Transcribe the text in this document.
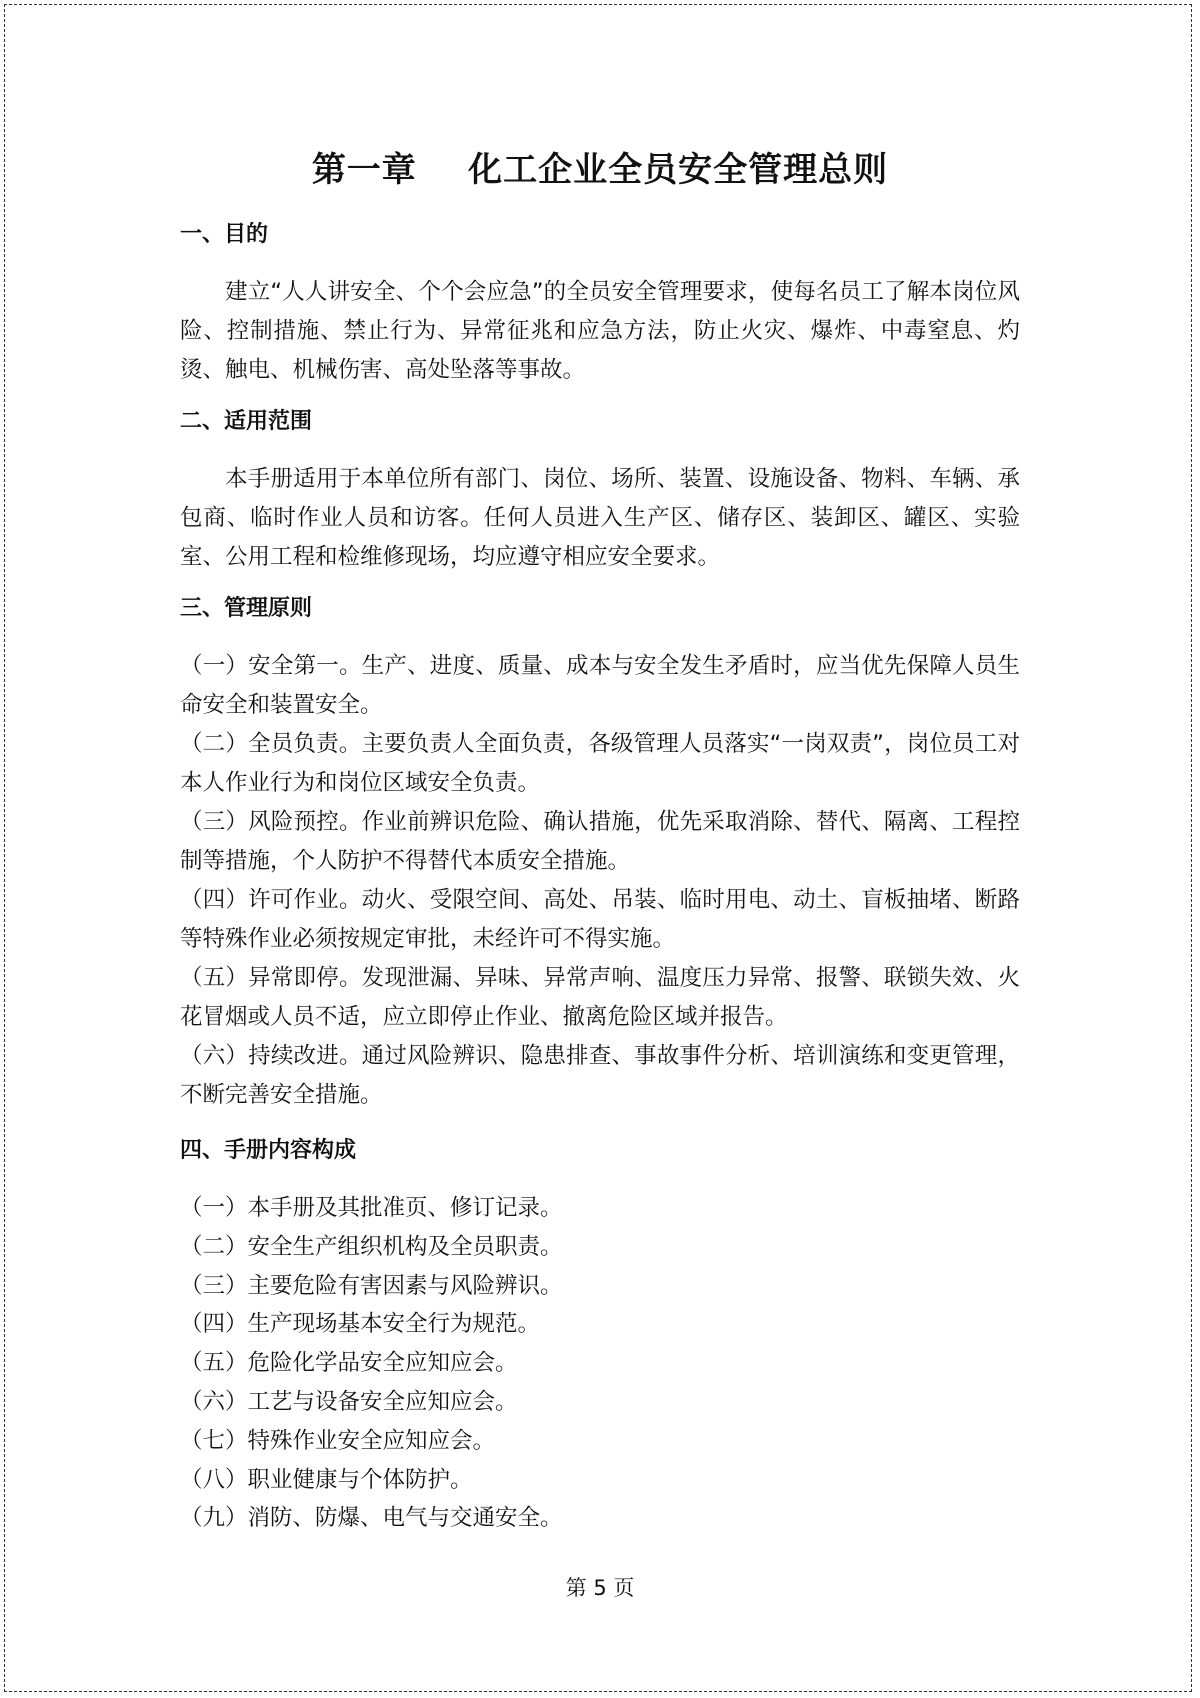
第一章    化工企业全员安全管理总则
一、目的

建立“人人讲安全、个个会应急”的全员安全管理要求，使每名员工了解本岗位风险、控制措施、禁止行为、异常征兆和应急方法，防止火灾、爆炸、中毒窒息、灼烫、触电、机械伤害、高处坠落等事故。

二、适用范围

本手册适用于本单位所有部门、岗位、场所、装置、设施设备、物料、车辆、承包商、临时作业人员和访客。任何人员进入生产区、储存区、装卸区、罐区、实验室、公用工程和检维修现场，均应遵守相应安全要求。

三、管理原则
（一）安全第一。生产、进度、质量、成本与安全发生矛盾时，应当优先保障人员生命安全和装置安全。
（二）全员负责。主要负责人全面负责，各级管理人员落实“一岗双责”，岗位员工对本人作业行为和岗位区域安全负责。
（三）风险预控。作业前辨识危险、确认措施，优先采取消除、替代、隔离、工程控制等措施，个人防护不得替代本质安全措施。
（四）许可作业。动火、受限空间、高处、吊装、临时用电、动土、盲板抽堵、断路等特殊作业必须按规定审批，未经许可不得实施。
（五）异常即停。发现泄漏、异味、异常声响、温度压力异常、报警、联锁失效、火花冒烟或人员不适，应立即停止作业、撤离危险区域并报告。
（六）持续改进。通过风险辨识、隐患排查、事故事件分析、培训演练和变更管理，不断完善安全措施。
四、手册内容构成
（一）本手册及其批准页、修订记录。
（二）安全生产组织机构及全员职责。
（三）主要危险有害因素与风险辨识。
（四）生产现场基本安全行为规范。
（五）危险化学品安全应知应会。
（六）工艺与设备安全应知应会。
（七）特殊作业安全应知应会。
（八）职业健康与个体防护。
（九）消防、防爆、电气与交通安全。
第 5 页
